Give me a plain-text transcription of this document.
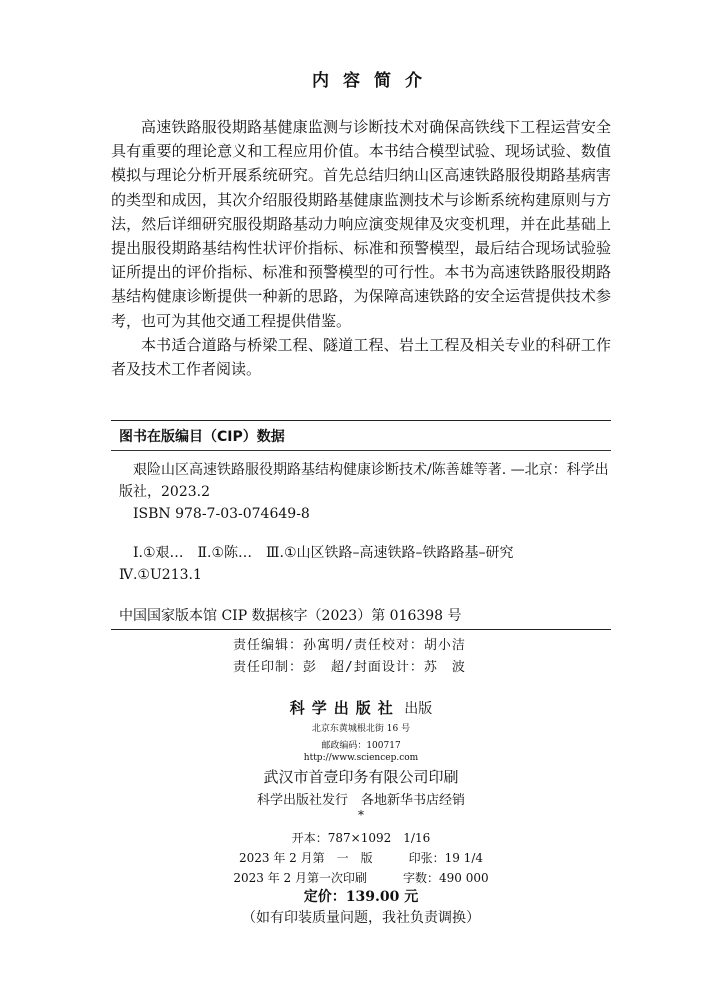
内容简介

高速铁路服役期路基健康监测与诊断技术对确保高铁线下工程运营安全具有重要的理论意义和工程应用价值。本书结合模型试验、现场试验、数值模拟与理论分析开展系统研究。首先总结归纳山区高速铁路服役期路基病害的类型和成因，其次介绍服役期路基健康监测技术与诊断系统构建原则与方法，然后详细研究服役期路基动力响应演变规律及灾变机理，并在此基础上提出服役期路基结构性状评价指标、标准和预警模型，最后结合现场试验验证所提出的评价指标、标准和预警模型的可行性。本书为高速铁路服役期路基结构健康诊断提供一种新的思路，为保障高速铁路的安全运营提供技术参考，也可为其他交通工程提供借鉴。

本书适合道路与桥梁工程、隧道工程、岩土工程及相关专业的科研工作者及技术工作者阅读。

图书在版编目（CIP）数据
艰险山区高速铁路服役期路基结构健康诊断技术/陈善雄等著. —北京：科学出版社，2023.2
ISBN 978-7-03-074649-8
Ⅰ.①艰…　Ⅱ.①陈…　Ⅲ.①山区铁路–高速铁路–铁路路基–研究
Ⅳ.①U213.1
中国国家版本馆 CIP 数据核字（2023）第 016398 号
责任编辑：孙寓明/责任校对：胡小洁
责任印制：彭　超/封面设计：苏　波
科学出版社 出版
北京东黄城根北街 16 号
邮政编码：100717
http://www.sciencep.com
武汉市首壹印务有限公司印刷
科学出版社发行　各地新华书店经销
*
开本：787×1092　1/16
2023 年 2 月第　一　版　　　印张：19 1/4
2023 年 2 月第一次印刷　　　字数：490 000
定价：139.00 元
（如有印装质量问题，我社负责调换）
